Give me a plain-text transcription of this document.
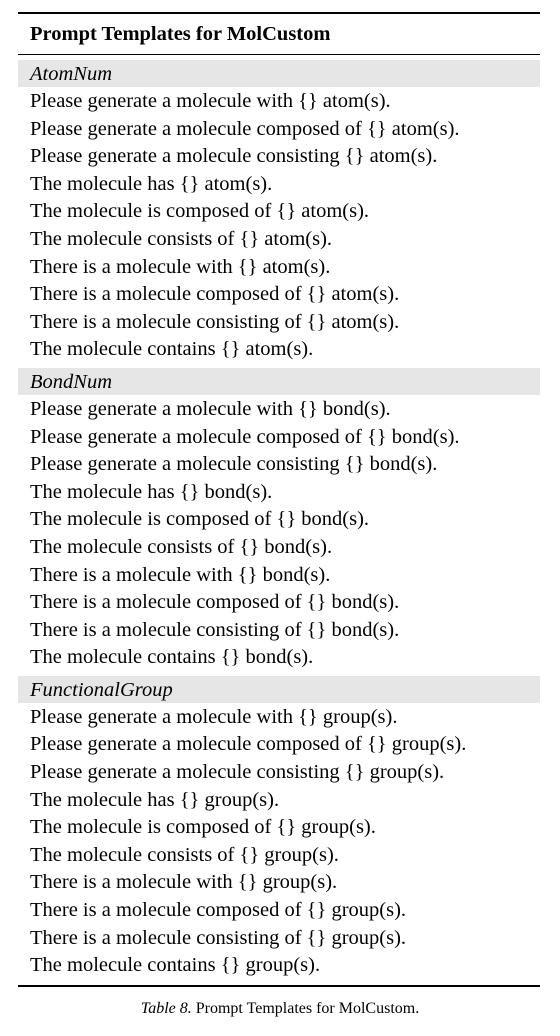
Prompt Templates for MolCustom
AtomNum
Please generate a molecule with {} atom(s).
Please generate a molecule composed of {} atom(s).
Please generate a molecule consisting {} atom(s).
The molecule has {} atom(s).
The molecule is composed of {} atom(s).
The molecule consists of {} atom(s).
There is a molecule with {} atom(s).
There is a molecule composed of {} atom(s).
There is a molecule consisting of {} atom(s).
The molecule contains {} atom(s).
BondNum
Please generate a molecule with {} bond(s).
Please generate a molecule composed of {} bond(s).
Please generate a molecule consisting {} bond(s).
The molecule has {} bond(s).
The molecule is composed of {} bond(s).
The molecule consists of {} bond(s).
There is a molecule with {} bond(s).
There is a molecule composed of {} bond(s).
There is a molecule consisting of {} bond(s).
The molecule contains {} bond(s).
FunctionalGroup
Please generate a molecule with {} group(s).
Please generate a molecule composed of {} group(s).
Please generate a molecule consisting {} group(s).
The molecule has {} group(s).
The molecule is composed of {} group(s).
The molecule consists of {} group(s).
There is a molecule with {} group(s).
There is a molecule composed of {} group(s).
There is a molecule consisting of {} group(s).
The molecule contains {} group(s).
Table 8. Prompt Templates for MolCustom.
